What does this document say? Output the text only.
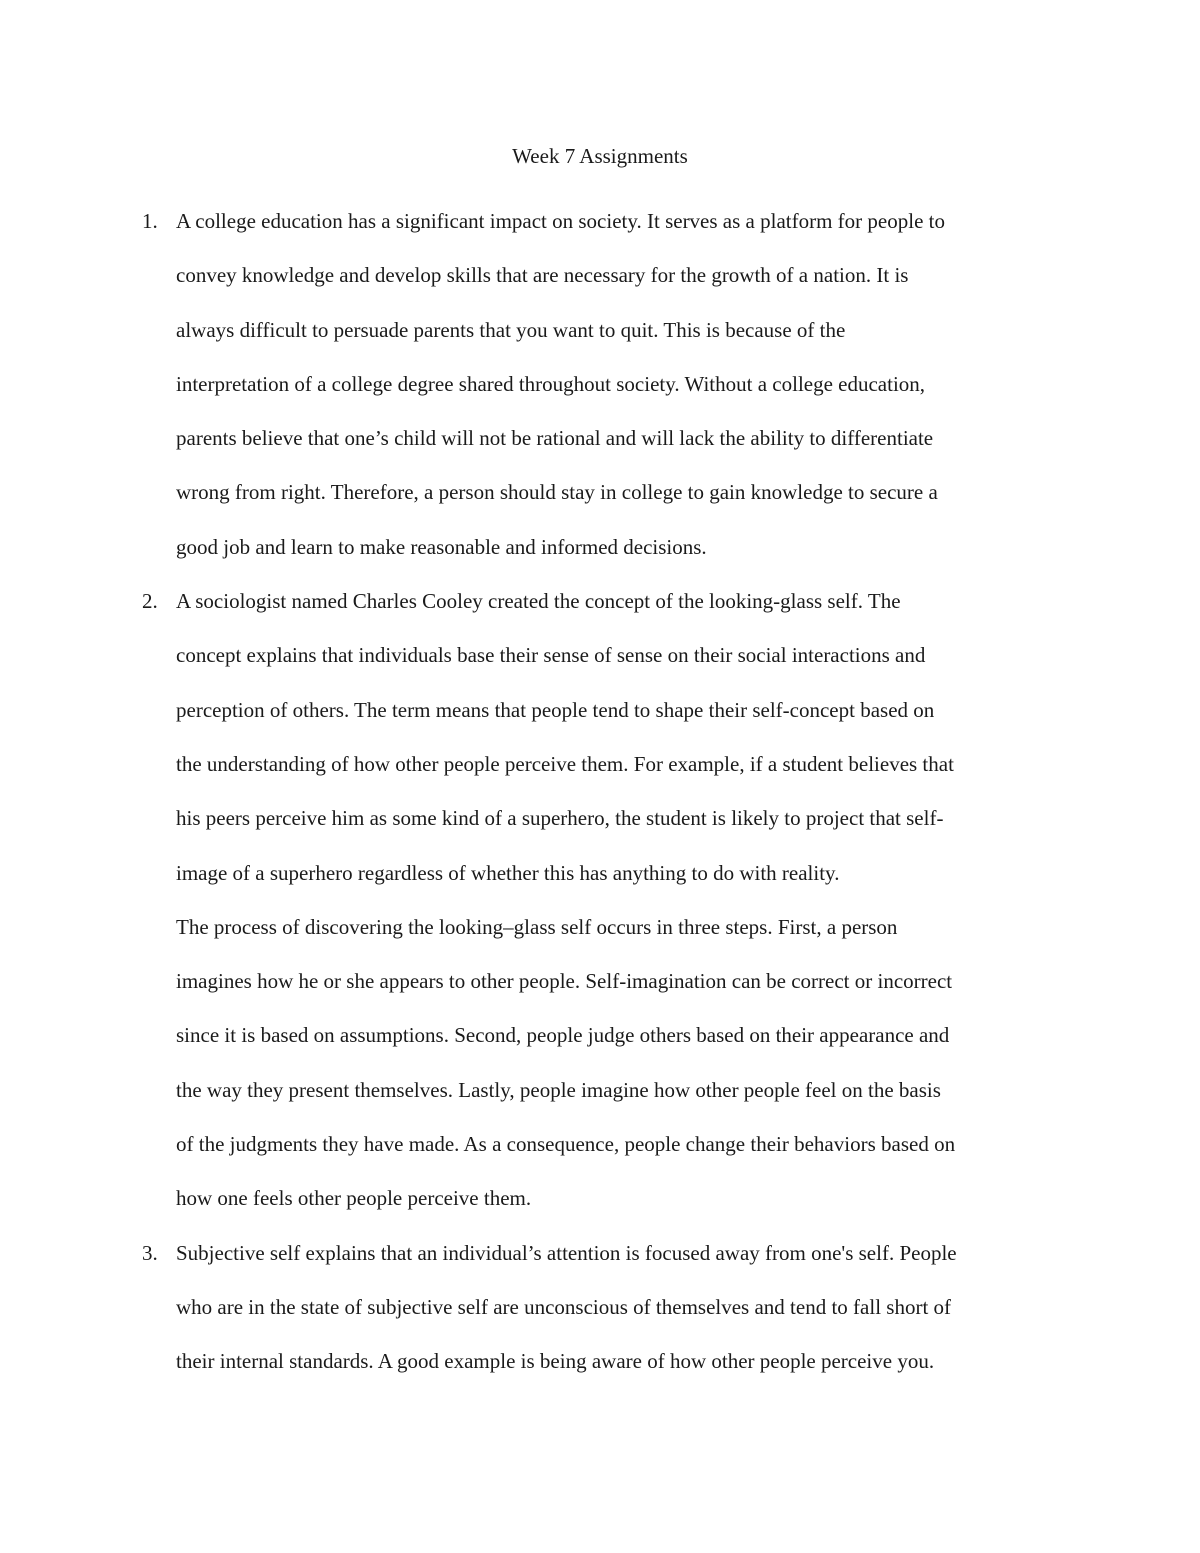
Week 7 Assignments
1. A college education has a significant impact on society. It serves as a platform for people to
convey knowledge and develop skills that are necessary for the growth of a nation. It is
always difficult to persuade parents that you want to quit. This is because of the
interpretation of a college degree shared throughout society. Without a college education,
parents believe that one’s child will not be rational and will lack the ability to differentiate
wrong from right. Therefore, a person should stay in college to gain knowledge to secure a
good job and learn to make reasonable and informed decisions.

2. A sociologist named Charles Cooley created the concept of the looking-glass self. The
concept explains that individuals base their sense of sense on their social interactions and
perception of others. The term means that people tend to shape their self-concept based on
the understanding of how other people perceive them. For example, if a student believes that
his peers perceive him as some kind of a superhero, the student is likely to project that self-
image of a superhero regardless of whether this has anything to do with reality.

The process of discovering the looking–glass self occurs in three steps. First, a person
imagines how he or she appears to other people. Self-imagination can be correct or incorrect
since it is based on assumptions. Second, people judge others based on their appearance and
the way they present themselves. Lastly, people imagine how other people feel on the basis
of the judgments they have made. As a consequence, people change their behaviors based on
how one feels other people perceive them.

3. Subjective self explains that an individual’s attention is focused away from one's self. People
who are in the state of subjective self are unconscious of themselves and tend to fall short of
their internal standards. A good example is being aware of how other people perceive you.
